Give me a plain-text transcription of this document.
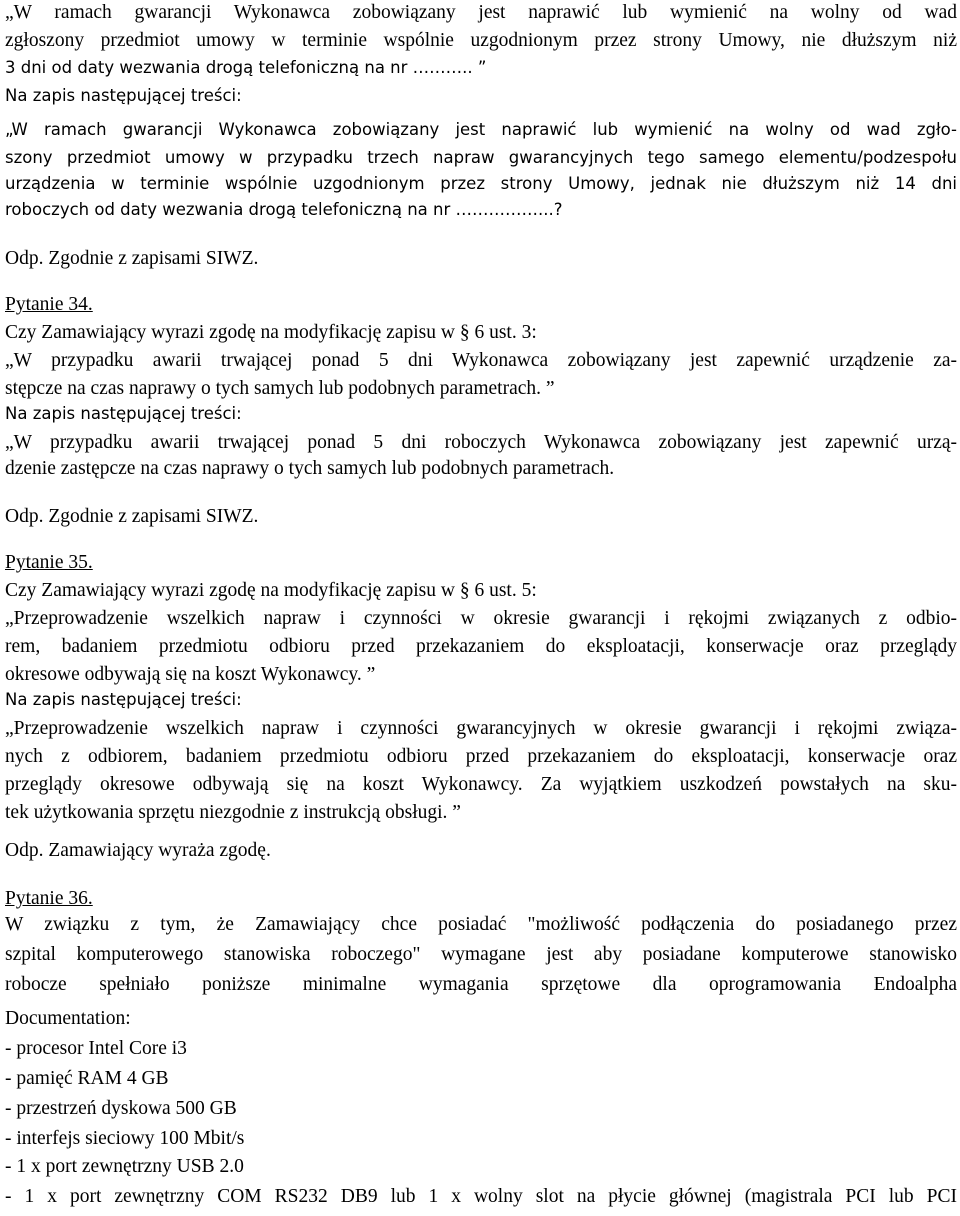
„W ramach gwarancji Wykonawca zobowiązany jest naprawić lub wymienić na wolny od wad
zgłoszony przedmiot umowy w terminie wspólnie uzgodnionym przez strony Umowy, nie dłuższym niż
3 dni od daty wezwania drogą telefoniczną na nr ……….. ”
Na zapis następującej treści:
„W ramach gwarancji Wykonawca zobowiązany jest naprawić lub wymienić na wolny od wad zgło-
szony przedmiot umowy w przypadku trzech napraw gwarancyjnych tego samego elementu/podzespołu
urządzenia w terminie wspólnie uzgodnionym przez strony Umowy, jednak nie dłuższym niż 14 dni
roboczych od daty wezwania drogą telefoniczną na nr ……………...?
Odp. Zgodnie z zapisami SIWZ.
Pytanie 34.
Czy Zamawiający wyrazi zgodę na modyfikację zapisu w § 6 ust. 3:
„W przypadku awarii trwającej ponad 5 dni Wykonawca zobowiązany jest zapewnić urządzenie za-
stępcze na czas naprawy o tych samych lub podobnych parametrach. ”
Na zapis następującej treści:
„W przypadku awarii trwającej ponad 5 dni roboczych Wykonawca zobowiązany jest zapewnić urzą-
dzenie zastępcze na czas naprawy o tych samych lub podobnych parametrach.
Odp. Zgodnie z zapisami SIWZ.
Pytanie 35.
Czy Zamawiający wyrazi zgodę na modyfikację zapisu w § 6 ust. 5:
„Przeprowadzenie wszelkich napraw i czynności w okresie gwarancji i rękojmi związanych z odbio-
rem, badaniem przedmiotu odbioru przed przekazaniem do eksploatacji, konserwacje oraz przeglądy
okresowe odbywają się na koszt Wykonawcy. ”
Na zapis następującej treści:
„Przeprowadzenie wszelkich napraw i czynności gwarancyjnych w okresie gwarancji i rękojmi związa-
nych z odbiorem, badaniem przedmiotu odbioru przed przekazaniem do eksploatacji, konserwacje oraz
przeglądy okresowe odbywają się na koszt Wykonawcy. Za wyjątkiem uszkodzeń powstałych na sku-
tek użytkowania sprzętu niezgodnie z instrukcją obsługi. ”
Odp. Zamawiający wyraża zgodę.
Pytanie 36.
W związku z tym, że Zamawiający chce posiadać "możliwość podłączenia do posiadanego przez
szpital komputerowego stanowiska roboczego" wymagane jest aby posiadane komputerowe stanowisko
robocze spełniało poniższe minimalne wymagania sprzętowe dla oprogramowania Endoalpha
Documentation:
- procesor Intel Core i3
- pamięć RAM 4 GB
- przestrzeń dyskowa 500 GB
- interfejs sieciowy 100 Mbit/s
- 1 x port zewnętrzny USB 2.0
- 1 x port zewnętrzny COM RS232 DB9 lub 1 x wolny slot na płycie głównej (magistrala PCI lub PCI
